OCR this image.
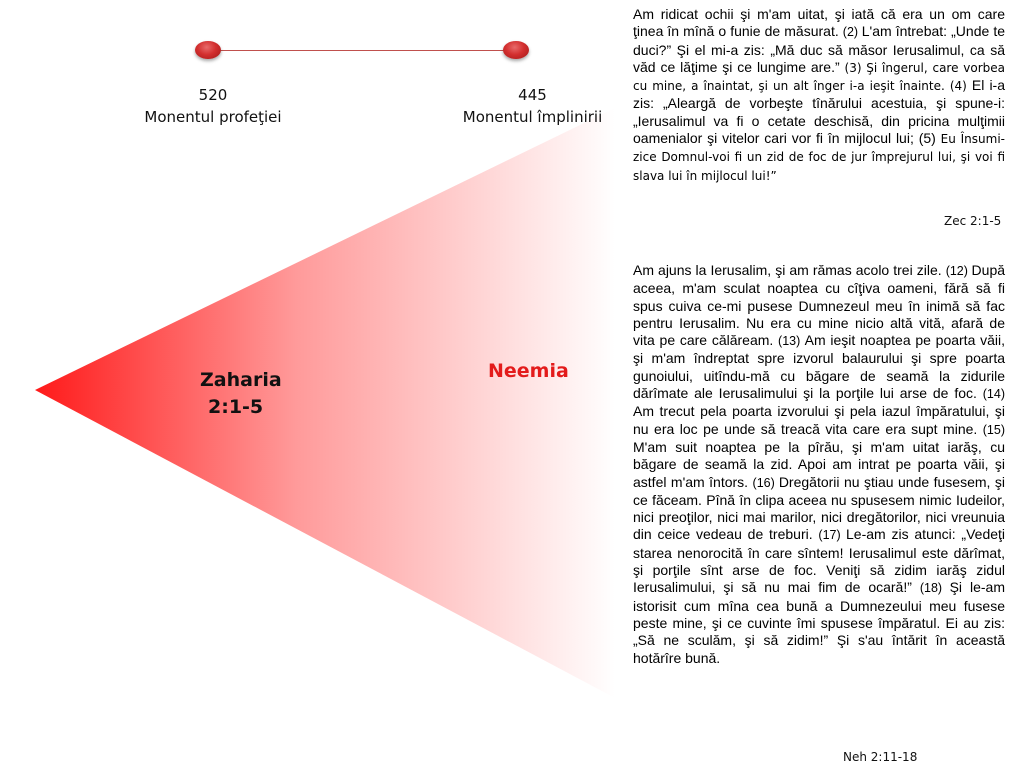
520
Monentul profeţiei
445
Monentul împlinirii
Zaharia
2:1-5
Neemia
Am ridicat ochii şi m'am uitat, şi iată că era un om care ţinea în mînă o funie de măsurat. (2) L'am întrebat: „Unde te duci?” Şi el mi-a zis: „Mă duc să măsor Ierusalimul, ca să văd ce lăţime şi ce lungime are.” (3) Şi îngerul, care vorbea cu mine, a înaintat, şi un alt înger i-a ieşit înainte. (4) El i-a zis: „Aleargă de vorbeşte tînărului acestuia, şi spune-i: „Ierusalimul va fi o cetate deschisă, din pricina mulţimii oamenialor şi vitelor cari vor fi în mijlocul lui; (5) Eu Însumi-zice Domnul-voi fi un zid de foc de jur împrejurul lui, şi voi fi slava lui în mijlocul lui!”
Zec 2:1-5
Am ajuns la Ierusalim, şi am rămas acolo trei zile. (12) După aceea, m'am sculat noaptea cu cîţiva oameni, fără să fi spus cuiva ce-mi pusese Dumnezeul meu în inimă să fac pentru Ierusalim. Nu era cu mine nicio altă vită, afară de vita pe care călăream. (13) Am ieşit noaptea pe poarta văii, şi m'am îndreptat spre izvorul balaurului şi spre poarta gunoiului, uitîndu-mă cu băgare de seamă la zidurile dărîmate ale Ierusalimului şi la porţile lui arse de foc. (14) Am trecut pela poarta izvorului şi pela iazul împăratului, şi nu era loc pe unde să treacă vita care era supt mine. (15) M'am suit noaptea pe la pîrău, şi m'am uitat iarăş, cu băgare de seamă la zid. Apoi am intrat pe poarta văii, şi astfel m'am întors. (16) Dregătorii nu ştiau unde fusesem, şi ce făceam. Pînă în clipa aceea nu spusesem nimic Iudeilor, nici preoţilor, nici mai marilor, nici dregătorilor, nici vreunuia din ceice vedeau de treburi. (17) Le-am zis atunci: „Vedeţi starea nenorocită în care sîntem! Ierusalimul este dărîmat, şi porţile sînt arse de foc. Veniţi să zidim iarăş zidul Ierusalimului, şi să nu mai fim de ocară!” (18) Şi le-am istorisit cum mîna cea bună a Dumnezeului meu fusese peste mine, şi ce cuvinte îmi spusese împăratul. Ei au zis: „Să ne sculăm, şi să zidim!” Şi s'au întărit în această hotărîre bună.
Neh 2:11-18
